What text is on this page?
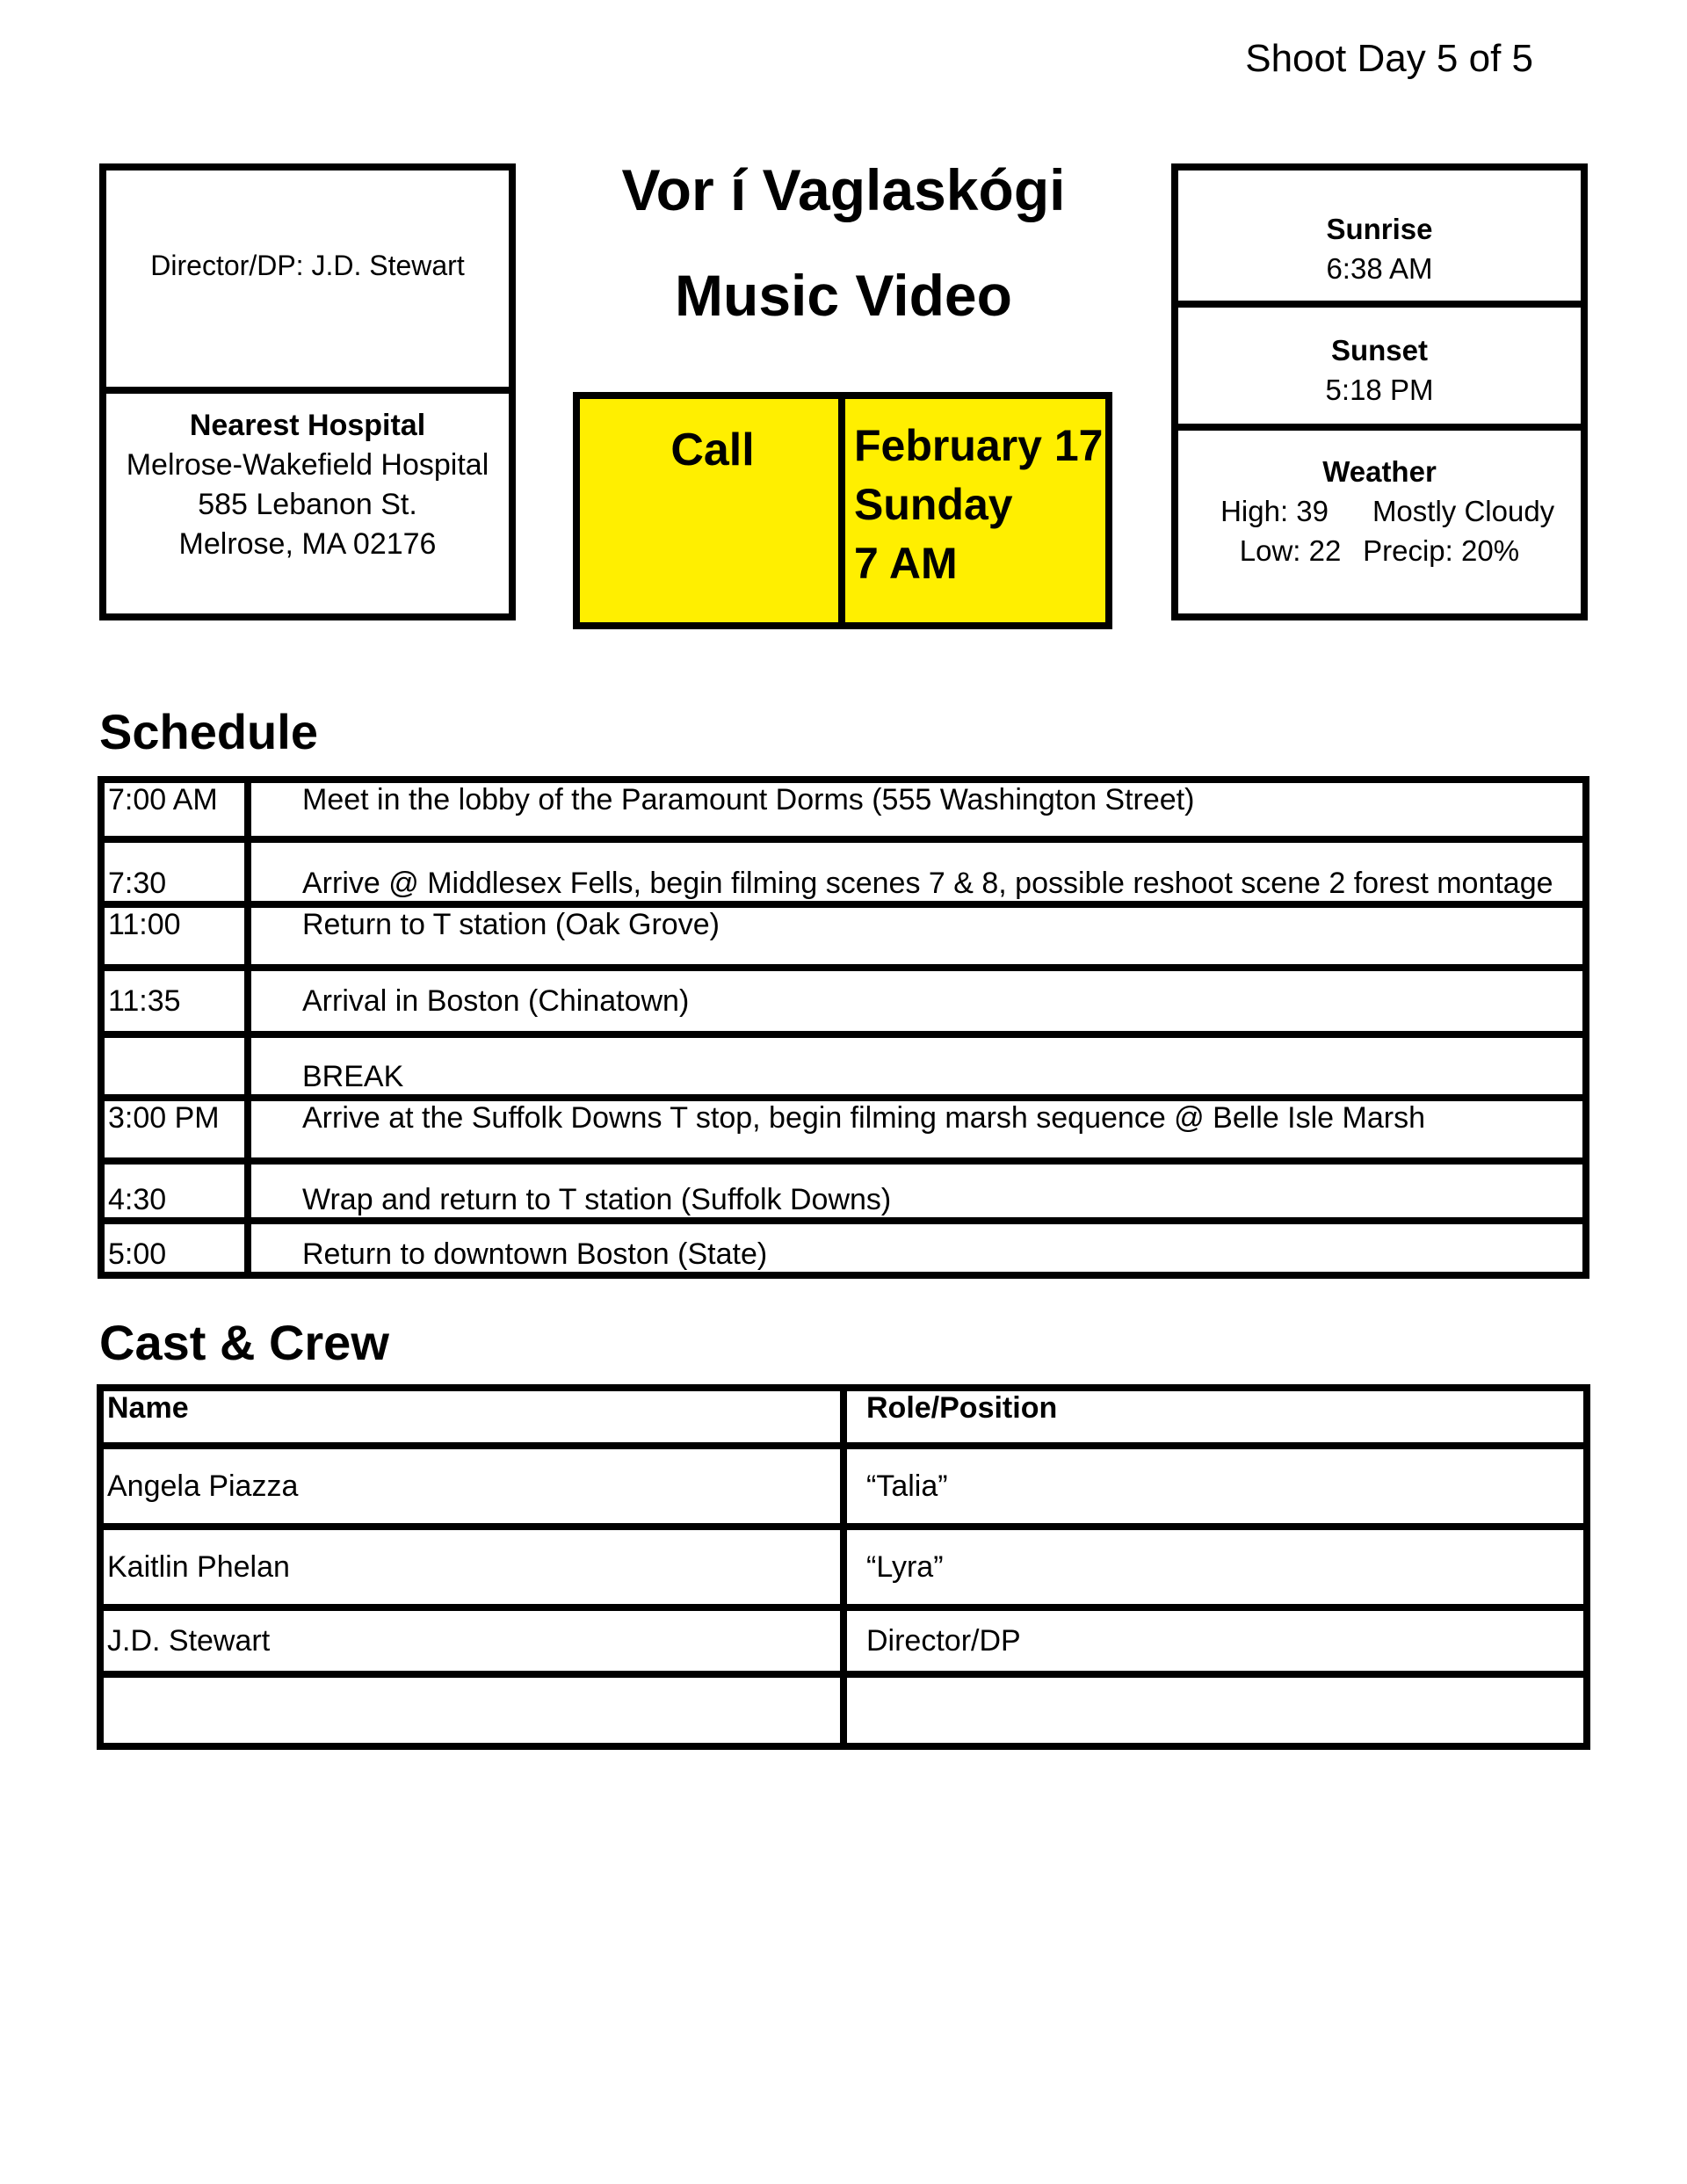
Shoot Day 5 of 5
Vor í Vaglaskógi
Music Video
Director/DP: J.D. Stewart
Nearest Hospital
Melrose-Wakefield Hospital
585 Lebanon St.
Melrose, MA 02176
Call	February 17
Sunday
7 AM
Sunrise
6:38 AM
Sunset
5:18 PM
Weather
High: 39	Mostly Cloudy
Low: 22 Precip: 20%
Schedule
7:00 AM	Meet in the lobby of the Paramount Dorms (555 Washington Street)
7:30	Arrive @ Middlesex Fells, begin filming scenes 7 & 8, possible reshoot scene 2 forest montage
11:00	Return to T station (Oak Grove)
11:35	Arrival in Boston (Chinatown)
	BREAK
3:00 PM	Arrive at the Suffolk Downs T stop, begin filming marsh sequence @ Belle Isle Marsh
4:30	Wrap and return to T station (Suffolk Downs)
5:00	Return to downtown Boston (State)
Cast & Crew
Name	Role/Position
Angela Piazza	“Talia”
Kaitlin Phelan	“Lyra”
J.D. Stewart	Director/DP
